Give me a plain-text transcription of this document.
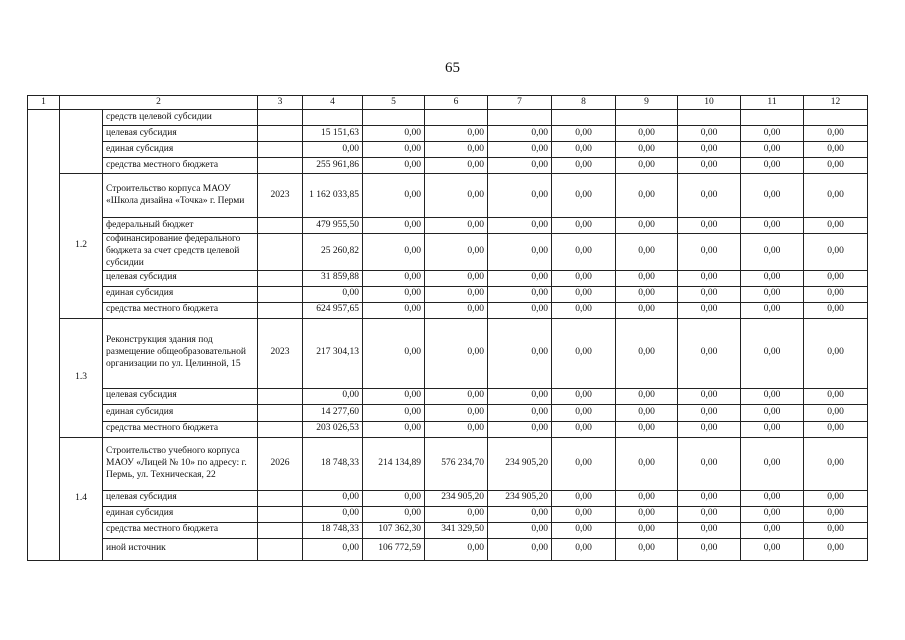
65
1	2		3	4	5	6	7	8	9	10	11	12
		средств целевой субсидии										
		целевая субсидия		15 151,63	0,00	0,00	0,00	0,00	0,00	0,00	0,00	0,00
		единая субсидия		0,00	0,00	0,00	0,00	0,00	0,00	0,00	0,00	0,00
		средства местного бюджета		255 961,86	0,00	0,00	0,00	0,00	0,00	0,00	0,00	0,00
	1.2	Строительство корпуса МАОУ «Школа дизайна «Точка» г. Перми	2023	1 162 033,85	0,00	0,00	0,00	0,00	0,00	0,00	0,00	0,00
		федеральный бюджет		479 955,50	0,00	0,00	0,00	0,00	0,00	0,00	0,00	0,00
		софинансирование федерального бюджета за счет средств целевой субсидии		25 260,82	0,00	0,00	0,00	0,00	0,00	0,00	0,00	0,00
		целевая субсидия		31 859,88	0,00	0,00	0,00	0,00	0,00	0,00	0,00	0,00
		единая субсидия		0,00	0,00	0,00	0,00	0,00	0,00	0,00	0,00	0,00
		средства местного бюджета		624 957,65	0,00	0,00	0,00	0,00	0,00	0,00	0,00	0,00
	1.3	Реконструкция здания под размещение общеобразовательной организации по ул. Целинной, 15	2023	217 304,13	0,00	0,00	0,00	0,00	0,00	0,00	0,00	0,00
		целевая субсидия		0,00	0,00	0,00	0,00	0,00	0,00	0,00	0,00	0,00
		единая субсидия		14 277,60	0,00	0,00	0,00	0,00	0,00	0,00	0,00	0,00
		средства местного бюджета		203 026,53	0,00	0,00	0,00	0,00	0,00	0,00	0,00	0,00
	1.4	Строительство учебного корпуса МАОУ «Лицей № 10» по адресу: г. Пермь, ул. Техническая, 22	2026	18 748,33	214 134,89	576 234,70	234 905,20	0,00	0,00	0,00	0,00	0,00
		целевая субсидия		0,00	0,00	234 905,20	234 905,20	0,00	0,00	0,00	0,00	0,00
		единая субсидия		0,00	0,00	0,00	0,00	0,00	0,00	0,00	0,00	0,00
		средства местного бюджета		18 748,33	107 362,30	341 329,50	0,00	0,00	0,00	0,00	0,00	0,00
		иной источник		0,00	106 772,59	0,00	0,00	0,00	0,00	0,00	0,00	0,00
